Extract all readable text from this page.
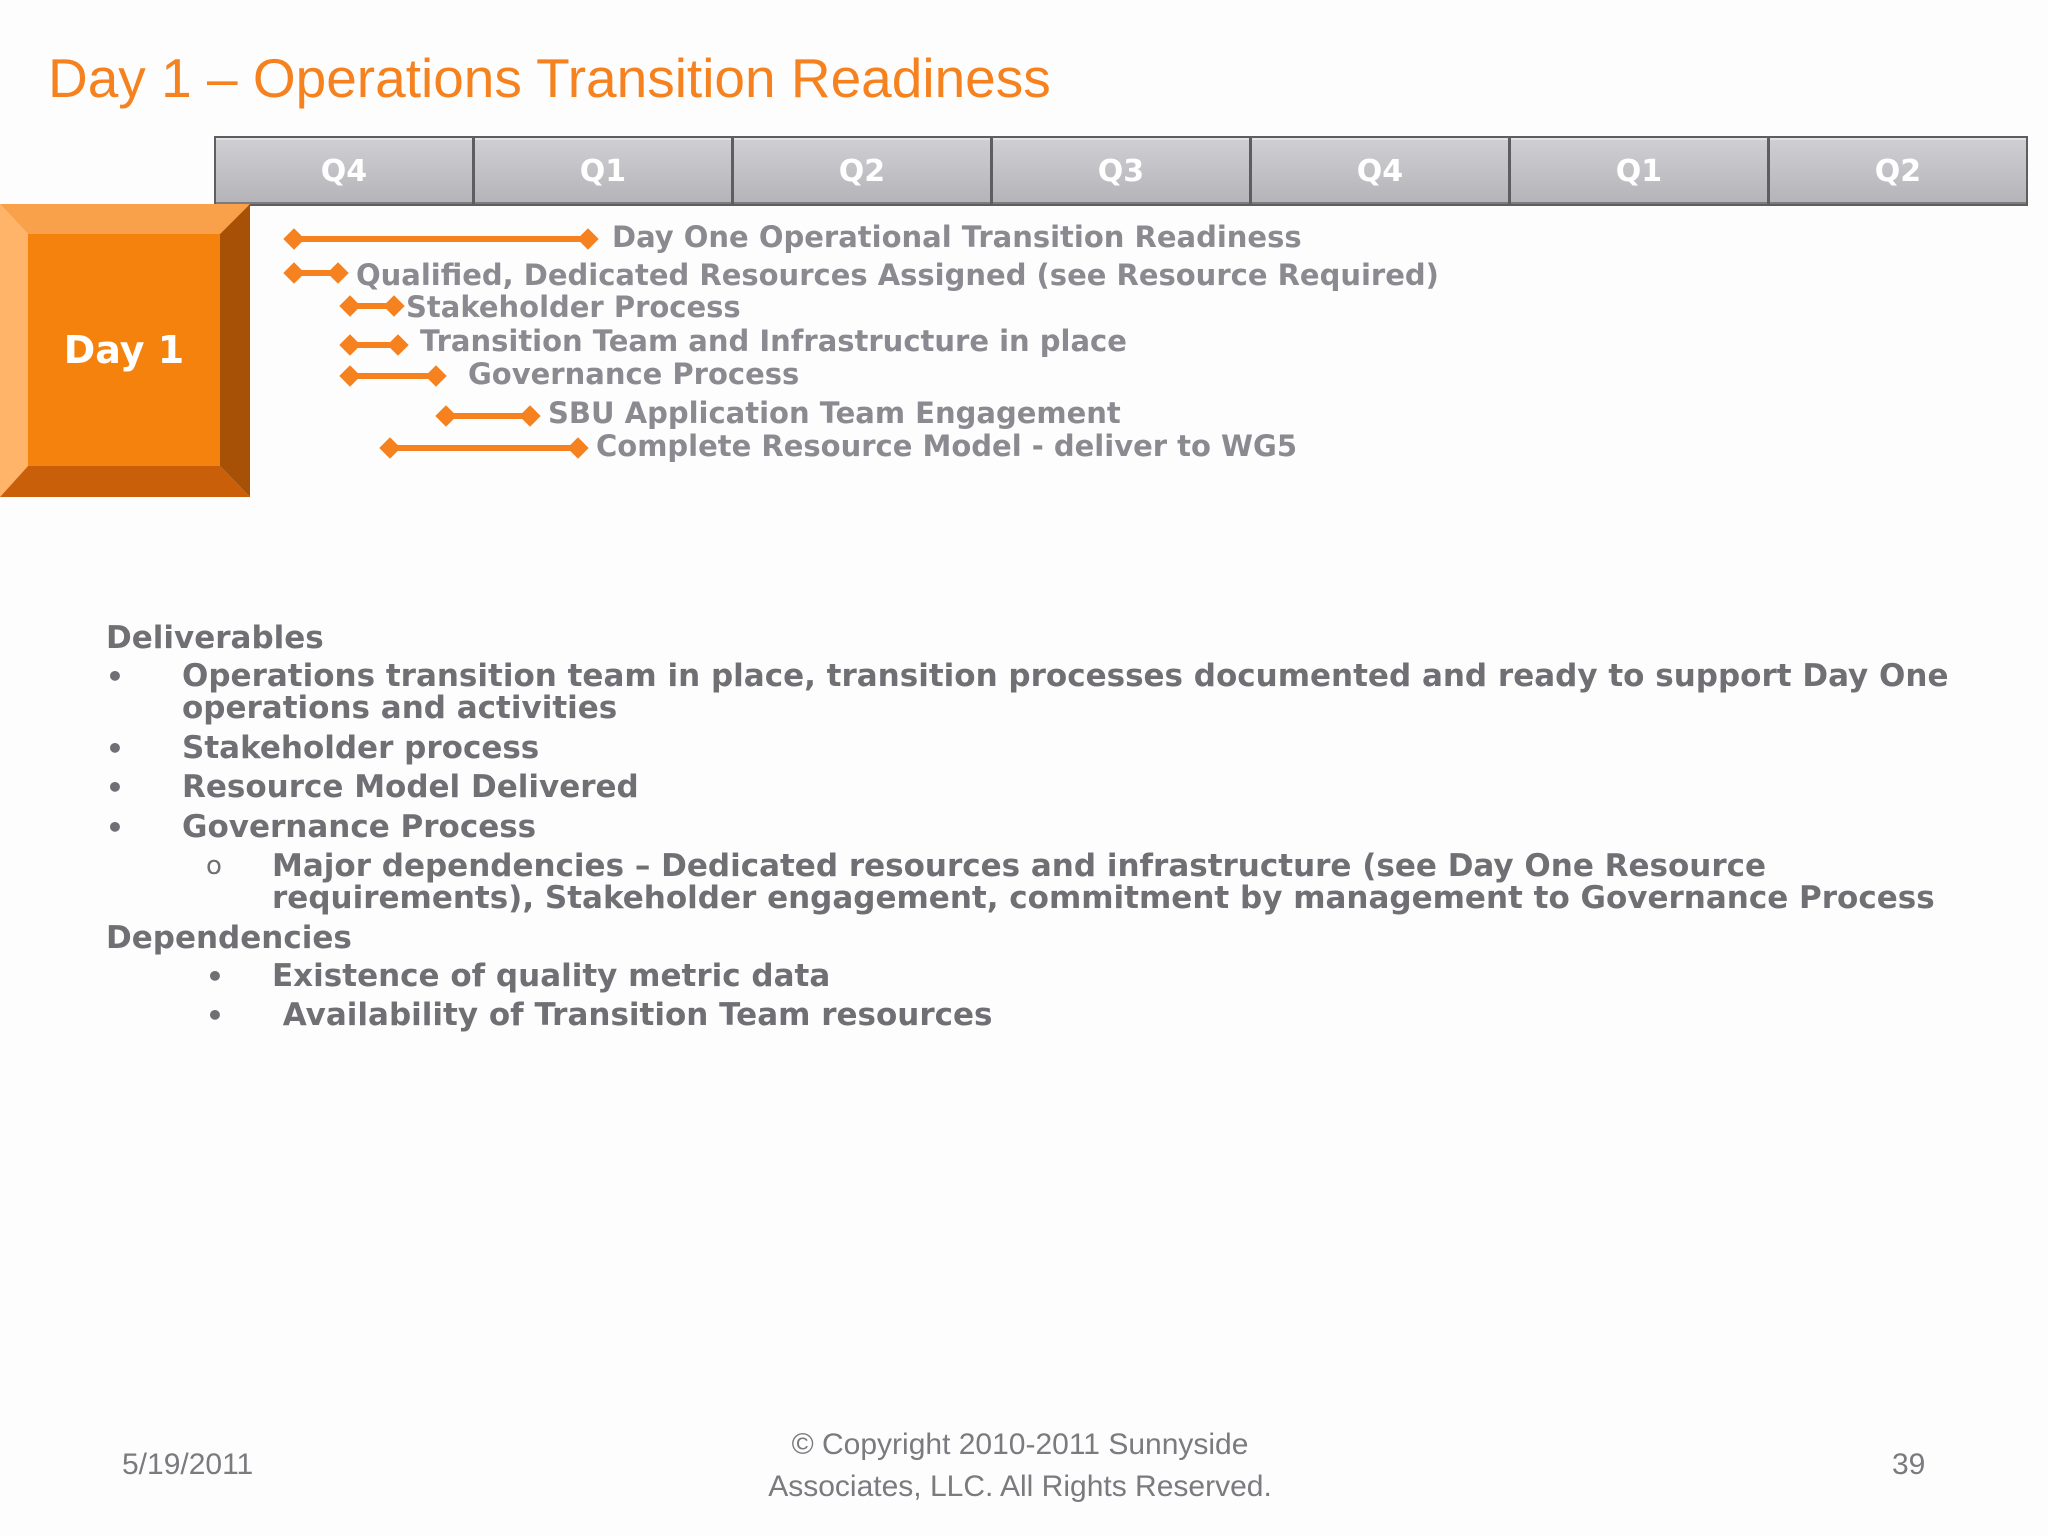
Day 1 – Operations Transition Readiness
Q4	Q1	Q2	Q3	Q4	Q1	Q2
Day 1
Day One Operational Transition Readiness
Qualified, Dedicated Resources Assigned (see Resource Required)
Stakeholder Process
Transition Team and Infrastructure in place
Governance Process
SBU Application Team Engagement
Complete Resource Model - deliver to WG5
Deliverables
• Operations transition team in place, transition processes documented and ready to support Day One
operations and activities
• Stakeholder process
• Resource Model Delivered
• Governance Process
o Major dependencies – Dedicated resources and infrastructure (see Day One Resource
requirements), Stakeholder engagement, commitment by management to Governance Process
Dependencies
• Existence of quality metric data
• Availability of Transition Team resources
5/19/2011
© Copyright 2010-2011 Sunnyside
Associates, LLC. All Rights Reserved.
39
